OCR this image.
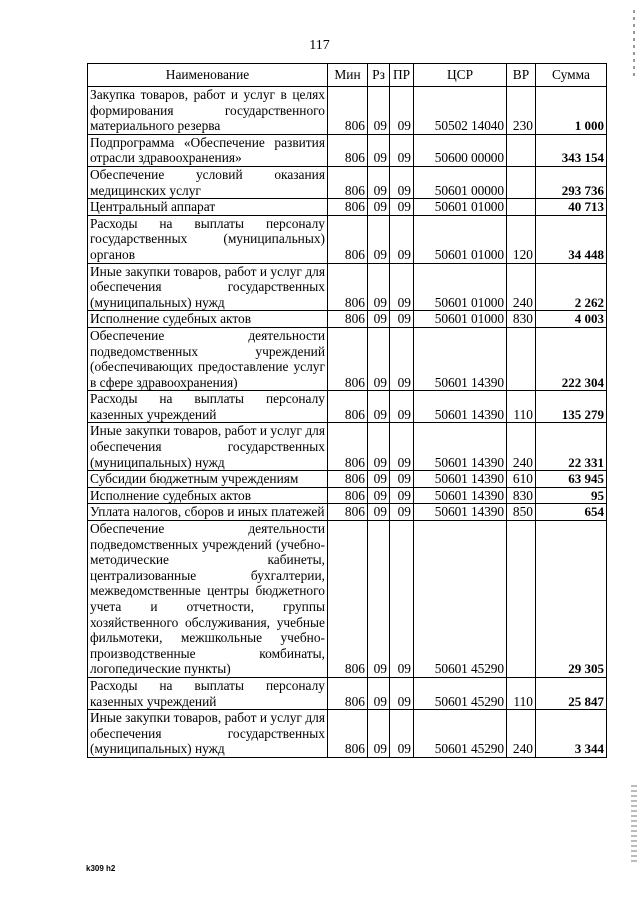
117
Наименование	Мин	Рз	ПР	ЦСР	ВР	Сумма
Закупка товаров, работ и услуг в целях формирования государственного материального резерва	806	09	09	50502 14040	230	1 000
Подпрограмма «Обеспечение развития отрасли здравоохранения»	806	09	09	50600 00000		343 154
Обеспечение условий оказания медицинских услуг	806	09	09	50601 00000		293 736
Центральный аппарат	806	09	09	50601 01000		40 713
Расходы на выплаты персоналу государственных (муниципальных) органов	806	09	09	50601 01000	120	34 448
Иные закупки товаров, работ и услуг для обеспечения государственных (муниципальных) нужд	806	09	09	50601 01000	240	2 262
Исполнение судебных актов	806	09	09	50601 01000	830	4 003
Обеспечение деятельности подведомственных учреждений (обеспечивающих предоставление услуг в сфере здравоохранения)	806	09	09	50601 14390		222 304
Расходы на выплаты персоналу казенных учреждений	806	09	09	50601 14390	110	135 279
Иные закупки товаров, работ и услуг для обеспечения государственных (муниципальных) нужд	806	09	09	50601 14390	240	22 331
Субсидии бюджетным учреждениям	806	09	09	50601 14390	610	63 945
Исполнение судебных актов	806	09	09	50601 14390	830	95
Уплата налогов, сборов и иных платежей	806	09	09	50601 14390	850	654
Обеспечение деятельности подведомственных учреждений (учебно-методические кабинеты, централизованные бухгалтерии, межведомственные центры бюджетного учета и отчетности, группы хозяйственного обслуживания, учебные фильмотеки, межшкольные учебно-производственные комбинаты, логопедические пункты)	806	09	09	50601 45290		29 305
Расходы на выплаты персоналу казенных учреждений	806	09	09	50601 45290	110	25 847
Иные закупки товаров, работ и услуг для обеспечения государственных (муниципальных) нужд	806	09	09	50601 45290	240	3 344
k309 h2
